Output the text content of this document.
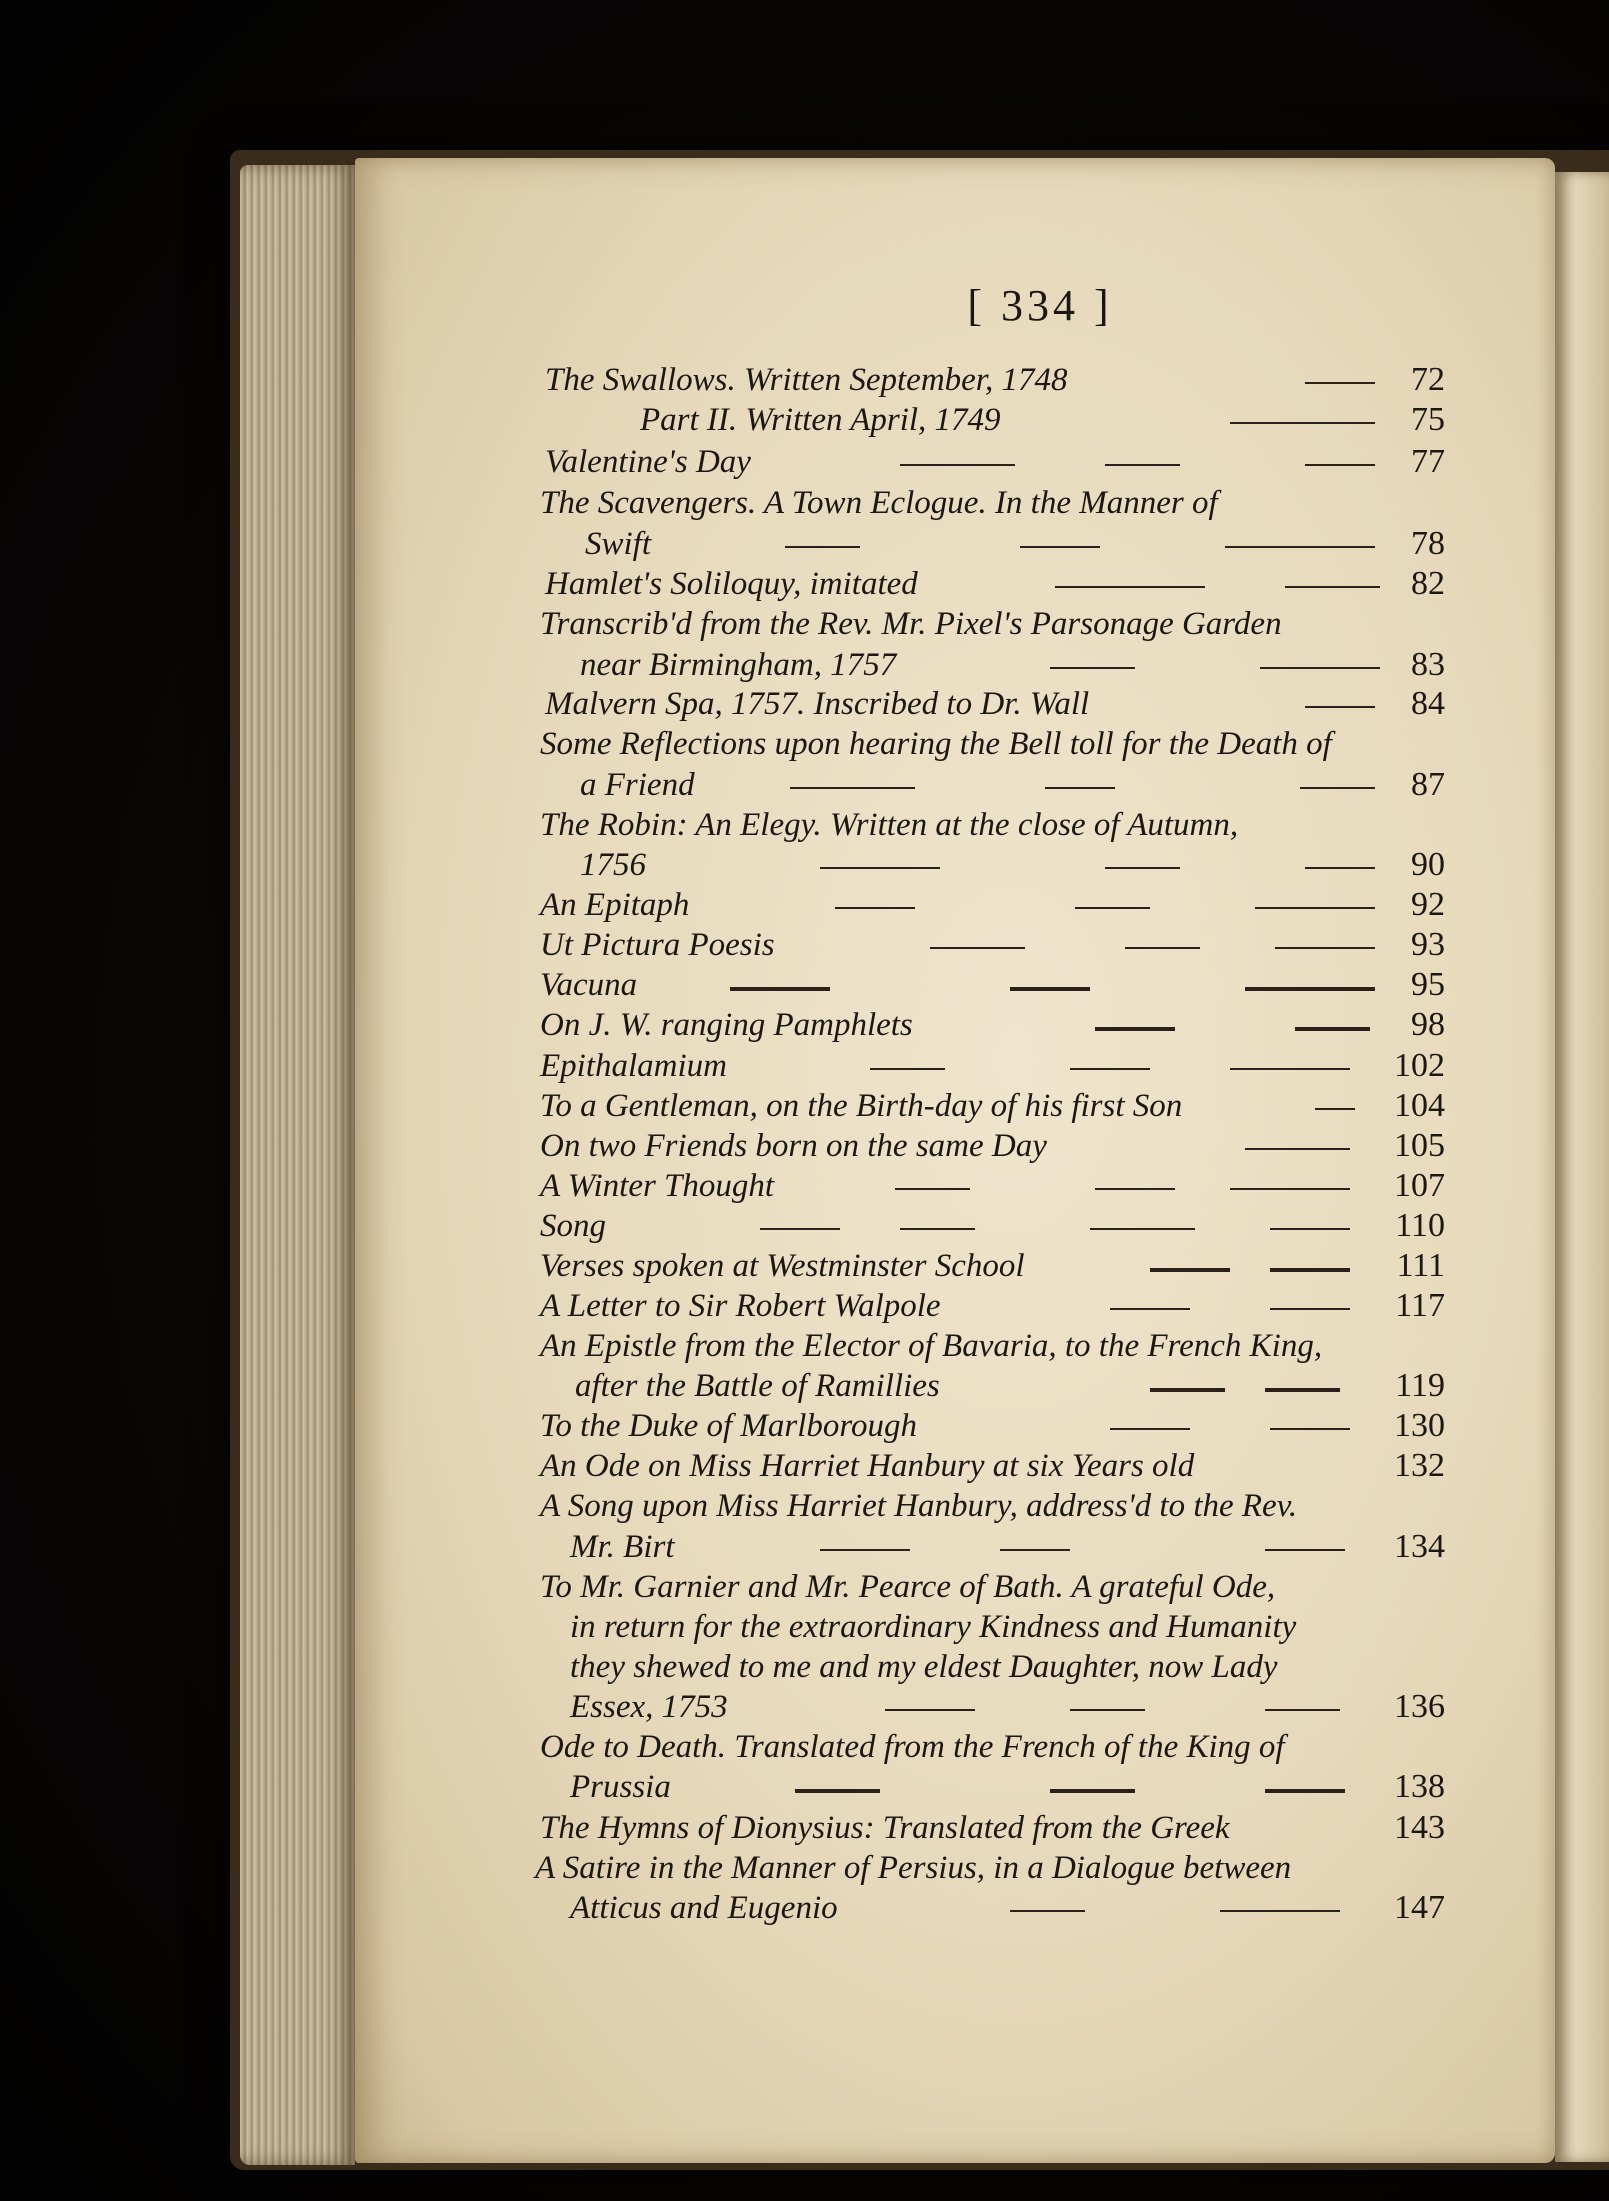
[ 334 ]
The Swallows. Written September, 1748	72
Part II. Written April, 1749	75
Valentine's Day	77
The Scavengers. A Town Eclogue. In the Manner of
Swift	78
Hamlet's Soliloquy, imitated	82
Transcrib'd from the Rev. Mr. Pixel's Parsonage Garden
near Birmingham, 1757	83
Malvern Spa, 1757. Inscribed to Dr. Wall	84
Some Reflections upon hearing the Bell toll for the Death of
a Friend	87
The Robin: An Elegy. Written at the close of Autumn,
1756	90
An Epitaph	92
Ut Pictura Poesis	93
Vacuna	95
On J. W. ranging Pamphlets	98
Epithalamium	102
To a Gentleman, on the Birth-day of his first Son	104
On two Friends born on the same Day	105
A Winter Thought	107
Song	110
Verses spoken at Westminster School	111
A Letter to Sir Robert Walpole	117
An Epistle from the Elector of Bavaria, to the French King,
after the Battle of Ramillies	119
To the Duke of Marlborough	130
An Ode on Miss Harriet Hanbury at six Years old	132
A Song upon Miss Harriet Hanbury, address'd to the Rev.
Mr. Birt	134
To Mr. Garnier and Mr. Pearce of Bath. A grateful Ode,
in return for the extraordinary Kindness and Humanity
they shewed to me and my eldest Daughter, now Lady
Essex, 1753	136
Ode to Death. Translated from the French of the King of
Prussia	138
The Hymns of Dionysius: Translated from the Greek	143
A Satire in the Manner of Persius, in a Dialogue between
Atticus and Eugenio	147
